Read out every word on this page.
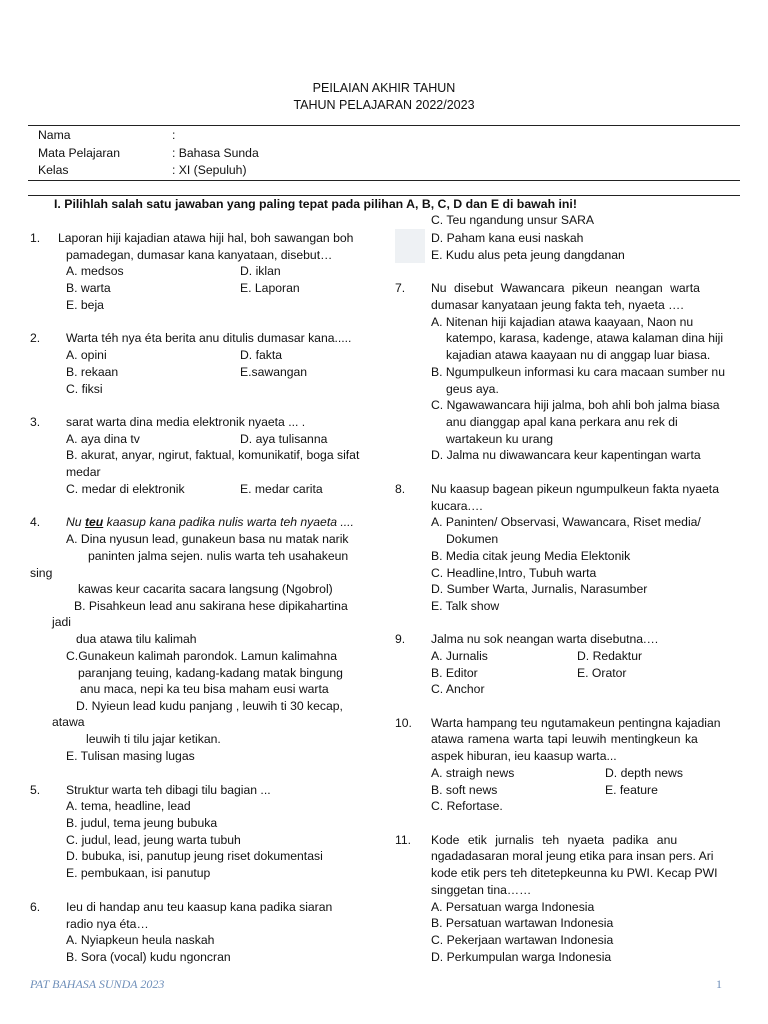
PEILAIAN AKHIR TAHUN
TAHUN PELAJARAN 2022/2023
Nama	:
Mata Pelajaran	: Bahasa Sunda
Kelas	: XI (Sepuluh)
I. Pilihlah salah satu jawaban yang paling tepat pada pilihan A, B, C, D dan E di bawah ini!
1. Laporan hiji kajadian atawa hiji hal, boh sawangan boh
pamadegan, dumasar kana kanyataan, disebut…
A. medsos	D. iklan
B. warta	E. Laporan
E. beja
2. Warta téh nya éta berita anu ditulis dumasar kana.....
A. opini	D. fakta
B. rekaan	E.sawangan
C. fiksi
3. sarat warta dina media elektronik nyaeta ... .
A. aya dina tv	D. aya tulisanna
B. akurat, anyar, ngirut, faktual, komunikatif, boga sifat
medar
C. medar di elektronik	E. medar carita
4. Nu teu kaasup kana padika nulis warta teh nyaeta ....
A. Dina nyusun lead, gunakeun basa nu matak narik
paninten jalma sejen. nulis warta teh usahakeun
sing
kawas keur cacarita sacara langsung (Ngobrol)
B. Pisahkeun lead anu sakirana hese dipikahartina
jadi
dua atawa tilu kalimah
C.Gunakeun kalimah parondok. Lamun kalimahna
paranjang teuing, kadang-kadang matak bingung
anu maca, nepi ka teu bisa maham eusi warta
D. Nyieun lead kudu panjang , leuwih ti 30 kecap,
atawa
leuwih ti tilu jajar ketikan.
E. Tulisan masing lugas
5. Struktur warta teh dibagi tilu bagian ...
A. tema, headline, lead
B. judul, tema jeung bubuka
C. judul, lead, jeung warta tubuh
D. bubuka, isi, panutup jeung riset dokumentasi
E. pembukaan, isi panutup
6. Ieu di handap anu teu kaasup kana padika siaran
radio nya éta…
A. Nyiapkeun heula naskah
B. Sora (vocal) kudu ngoncran
C. Teu ngandung unsur SARA
D. Paham kana eusi naskah
E. Kudu alus peta jeung dangdanan
7. Nu disebut Wawancara pikeun neangan warta
dumasar kanyataan jeung fakta teh, nyaeta ….
A. Nitenan hiji kajadian atawa kaayaan, Naon nu
katempo, karasa, kadenge, atawa kalaman dina hiji
kajadian atawa kaayaan nu di anggap luar biasa.
B. Ngumpulkeun informasi ku cara macaan sumber nu
geus aya.
C. Ngawawancara hiji jalma, boh ahli boh jalma biasa
anu dianggap apal kana perkara anu rek di
wartakeun ku urang
D. Jalma nu diwawancara keur kapentingan warta
8. Nu kaasup bagean pikeun ngumpulkeun fakta nyaeta
kucara.…
A. Paninten/ Observasi, Wawancara, Riset media/
Dokumen
B. Media citak jeung Media Elektonik
C. Headline,Intro, Tubuh warta
D. Sumber Warta, Jurnalis, Narasumber
E. Talk show
9. Jalma nu sok neangan warta disebutna.…
A. Jurnalis	D. Redaktur
B. Editor	E. Orator
C. Anchor
10. Warta hampang teu ngutamakeun pentingna kajadian
atawa ramena warta tapi leuwih mentingkeun ka
aspek hiburan, ieu kaasup warta...
A. straigh news	D. depth news
B. soft news	E. feature
C. Refortase.
11. Kode etik jurnalis teh nyaeta padika anu
ngadadasaran moral jeung etika para insan pers. Ari
kode etik pers teh ditetepkeunna ku PWI. Kecap PWI
singgetan tina……
A. Persatuan warga Indonesia
B. Persatuan wartawan Indonesia
C. Pekerjaan wartawan Indonesia
D. Perkumpulan warga Indonesia
PAT BAHASA SUNDA 2023	1
